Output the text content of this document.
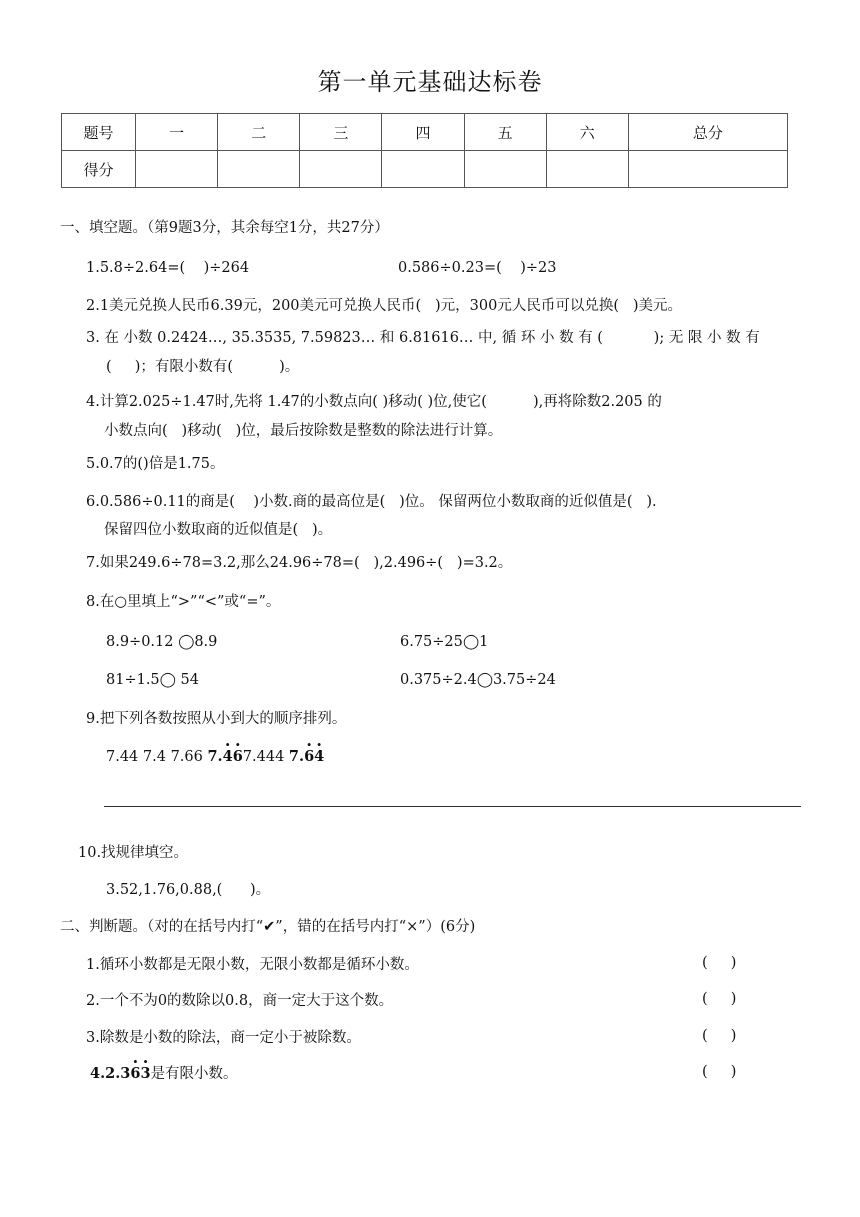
第一单元基础达标卷
题号	一	二	三	四	五	六	总分
得分							
一、填空题。（第9题3分，其余每空1分，共27分）
1.5.8÷2.64=(    )÷264	0.586÷0.23=(    )÷23
2.1美元兑换人民币6.39元，200美元可兑换人民币(   )元，300元人民币可以兑换(   )美元。
3. 在 小数 0.2424…, 35.3535, 7.59823… 和 6.81616… 中, 循 环 小 数 有 (           ); 无 限 小 数 有
(     )；有限小数有(          )。
4.计算2.025÷1.47时,先将 1.47的小数点向( )移动( )位,使它(          ),再将除数2.205 的
小数点向(   )移动(   )位，最后按除数是整数的除法进行计算。
5.0.7的()倍是1.75。
6.0.586÷0.11的商是(    )小数.商的最高位是(   )位。 保留两位小数取商的近似值是(   ).
保留四位小数取商的近似值是(   )。
7.如果249.6÷78=3.2,那么24.96÷78=(   ),2.496÷(   )=3.2。
8.在○里填上“>”“<”或“=”。
8.9÷0.12 ◯8.9	6.75÷25◯1
81÷1.5◯ 54	0.375÷2.4◯3.75÷24
9.把下列各数按照从小到大的顺序排列。
7.44 7.4 7.66 7.4 ·6 ·7.444 7.6 ·4 ·
10.找规律填空。
3.52,1.76,0.88,(      )。
二、判断题。（对的在括号内打“✔”，错的在括号内打“×”）(6分)
1.循环小数都是无限小数，无限小数都是循环小数。	(     )
2.一个不为0的数除以0.8，商一定大于这个数。	(     )
3.除数是小数的除法，商一定小于被除数。	(     )
4.2.36 ·3 ·是有限小数。	(     )
